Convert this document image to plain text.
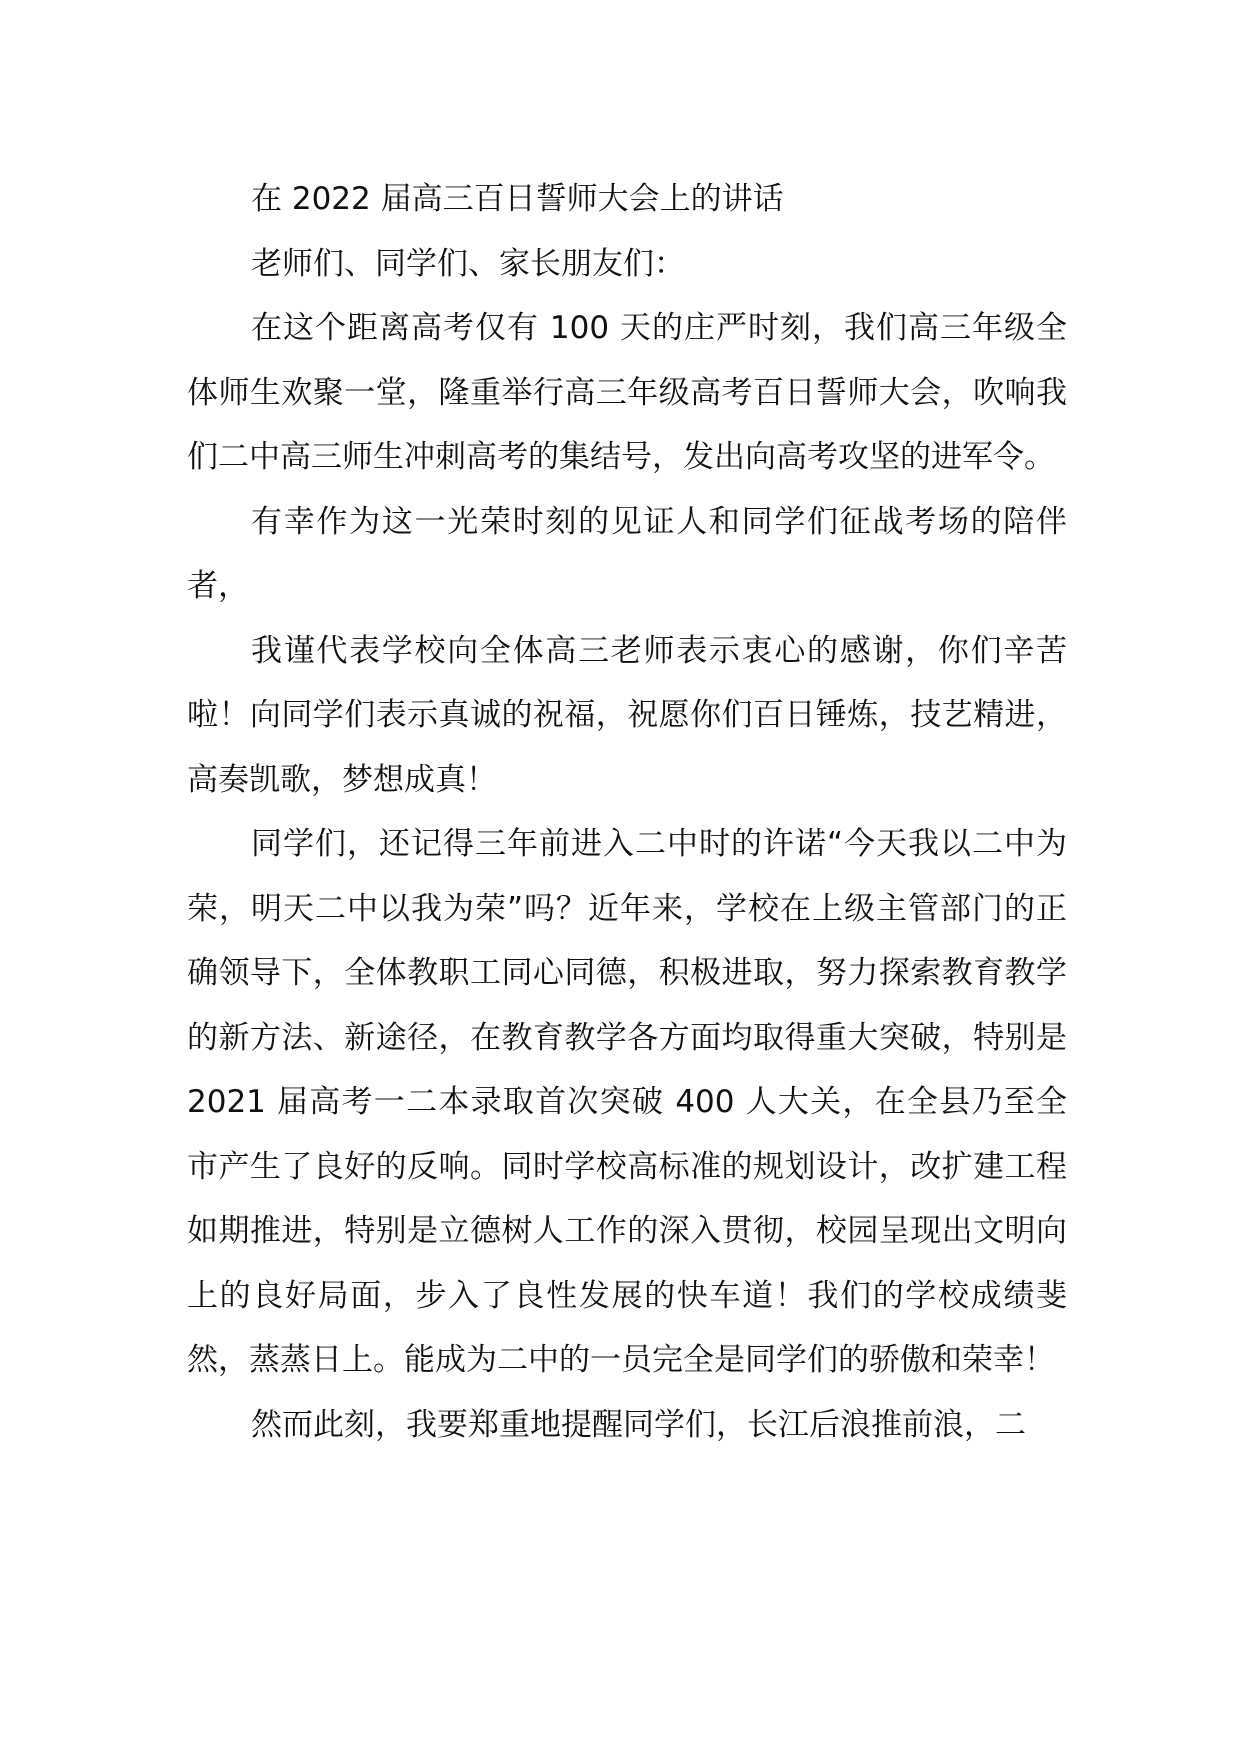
在 2022 届高三百日誓师大会上的讲话

老师们、同学们、家长朋友们：

在这个距离高考仅有 100 天的庄严时刻，我们高三年级全体师生欢聚一堂，隆重举行高三年级高考百日誓师大会，吹响我们二中高三师生冲刺高考的集结号，发出向高考攻坚的进军令。

有幸作为这一光荣时刻的见证人和同学们征战考场的陪伴者，

我谨代表学校向全体高三老师表示衷心的感谢，你们辛苦啦！向同学们表示真诚的祝福，祝愿你们百日锤炼，技艺精进，高奏凯歌，梦想成真！

同学们，还记得三年前进入二中时的许诺“今天我以二中为荣，明天二中以我为荣”吗？近年来，学校在上级主管部门的正确领导下，全体教职工同心同德，积极进取，努力探索教育教学的新方法、新途径，在教育教学各方面均取得重大突破，特别是 2021 届高考一二本录取首次突破 400 人大关，在全县乃至全市产生了良好的反响。同时学校高标准的规划设计，改扩建工程如期推进，特别是立德树人工作的深入贯彻，校园呈现出文明向上的良好局面，步入了良性发展的快车道！我们的学校成绩斐然，蒸蒸日上。能成为二中的一员完全是同学们的骄傲和荣幸！

然而此刻，我要郑重地提醒同学们，长江后浪推前浪，二
